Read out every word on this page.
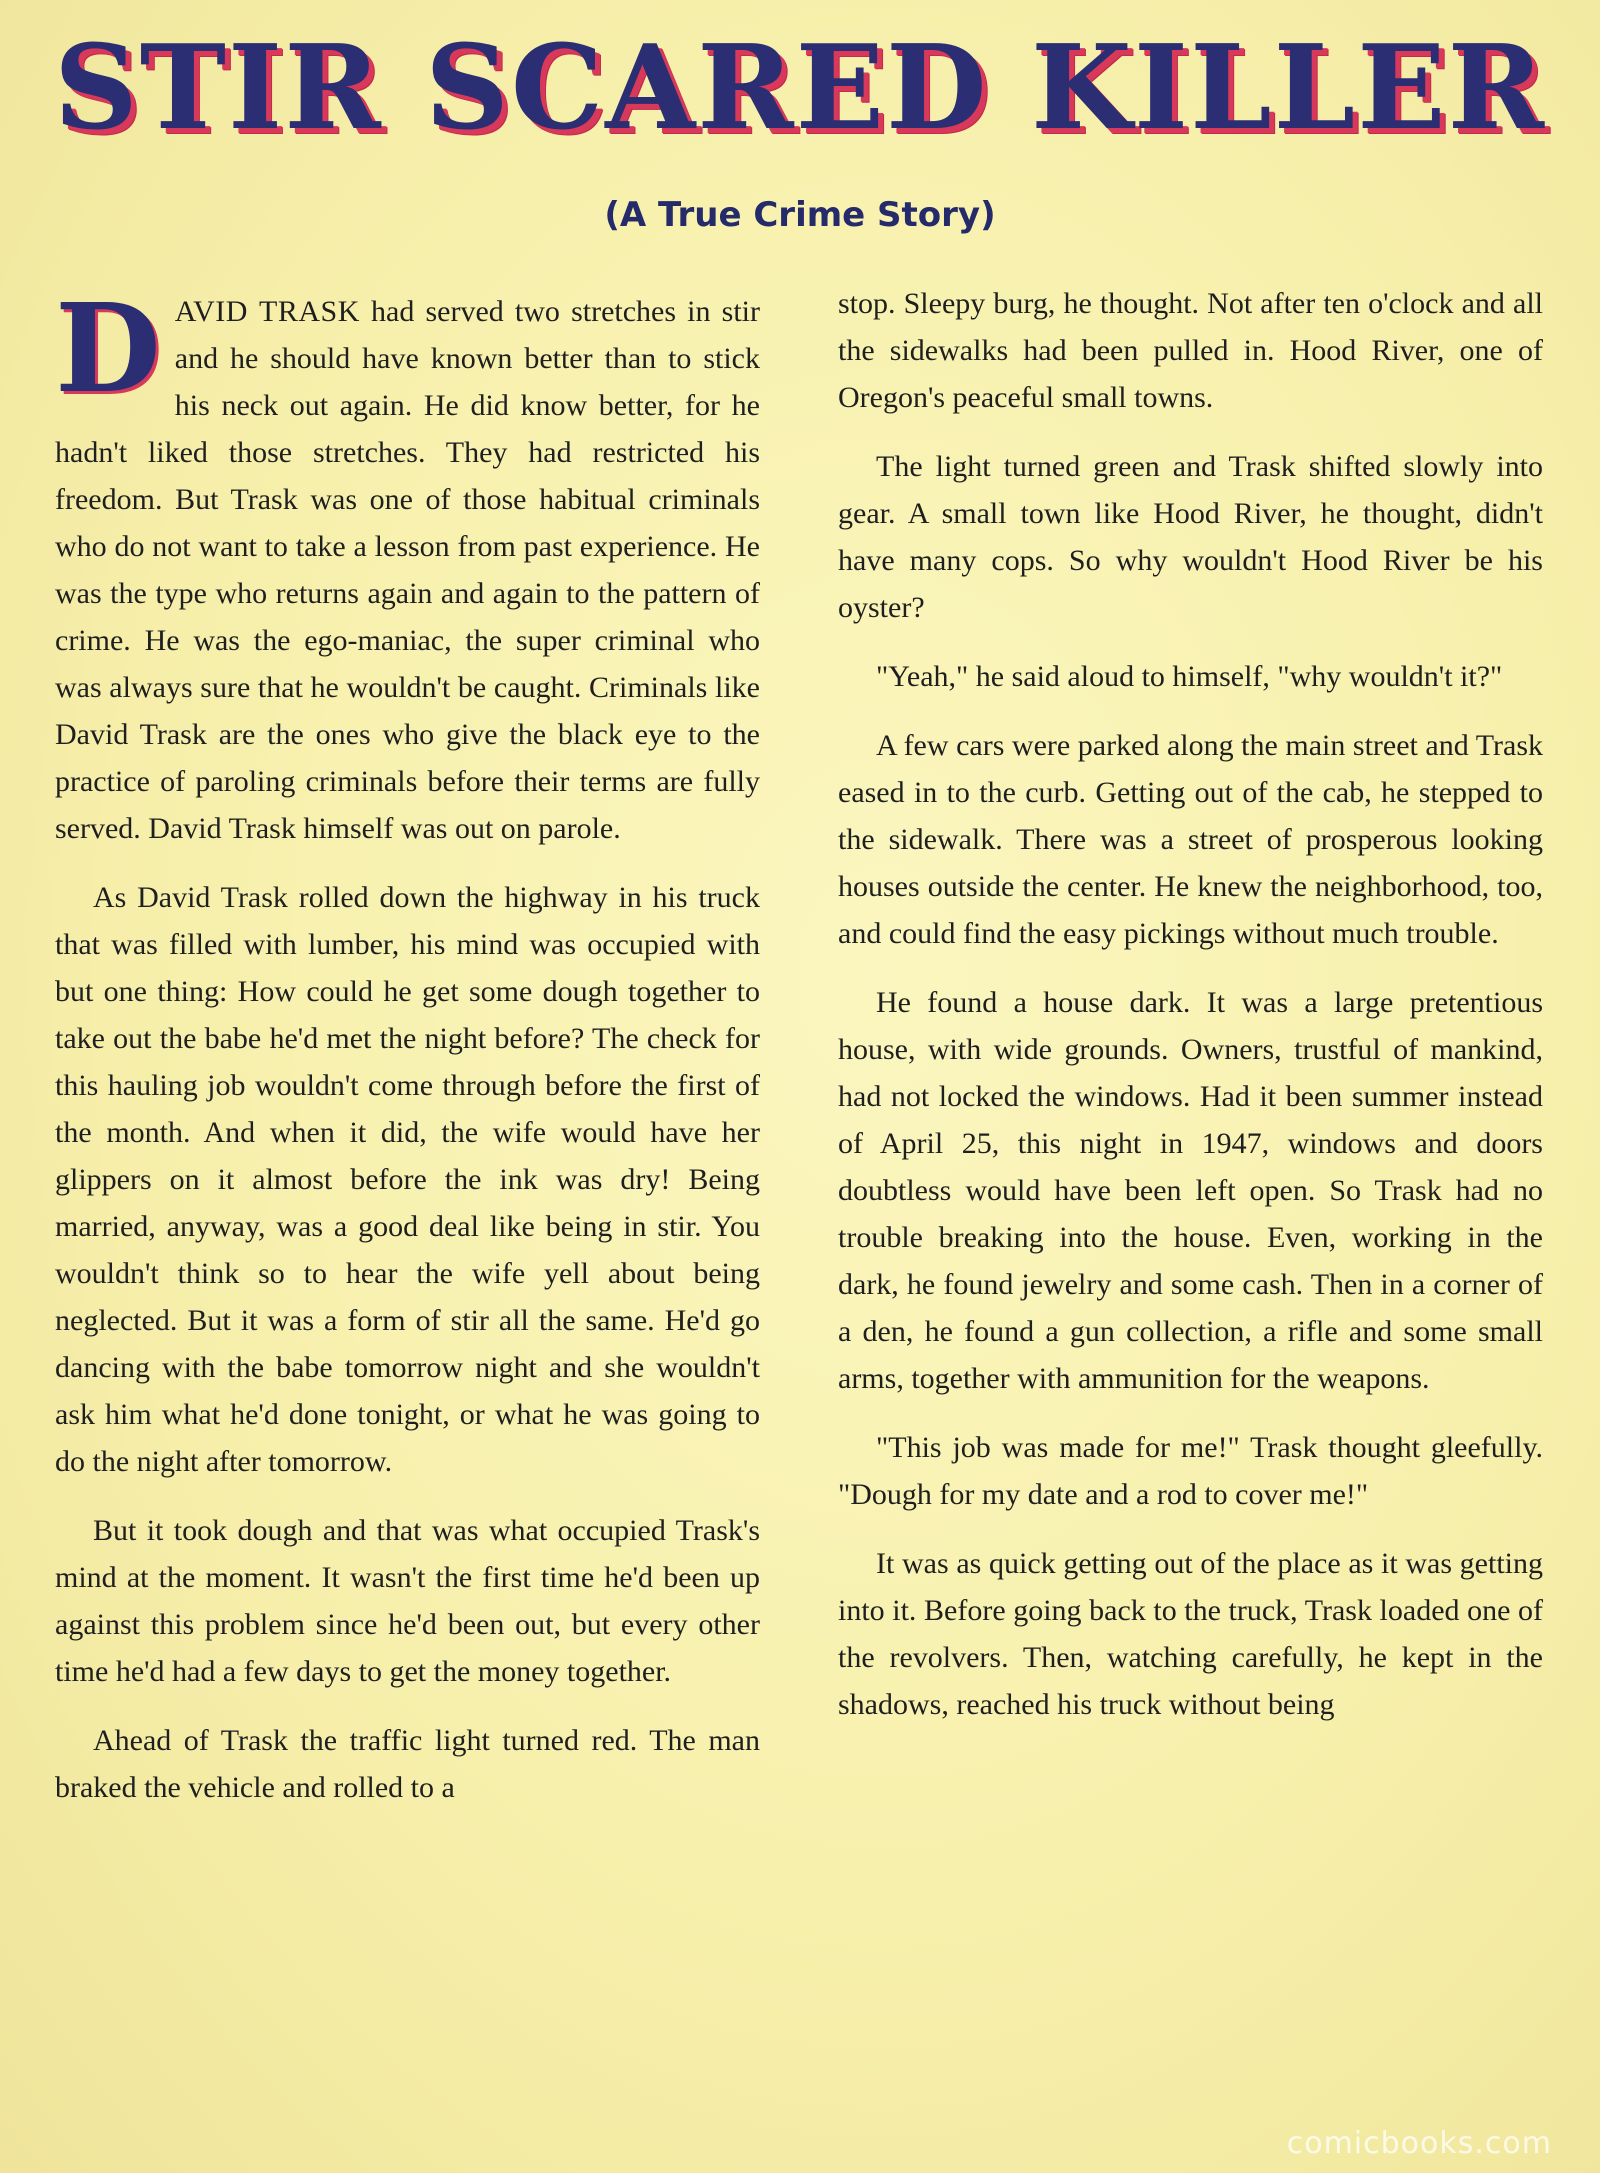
STIR SCARED KILLER
(A True Crime Story)

DAVID TRASK had served two stretches in stir and he should have known better than to stick his neck out again. He did know better, for he hadn't liked those stretches. They had restricted his freedom. But Trask was one of those habitual criminals who do not want to take a lesson from past experience. He was the type who returns again and again to the pattern of crime. He was the ego-maniac, the super criminal who was always sure that he wouldn't be caught. Criminals like David Trask are the ones who give the black eye to the practice of paroling criminals before their terms are fully served. David Trask himself was out on parole.

As David Trask rolled down the highway in his truck that was filled with lumber, his mind was occupied with but one thing: How could he get some dough together to take out the babe he'd met the night before? The check for this hauling job wouldn't come through before the first of the month. And when it did, the wife would have her glippers on it almost before the ink was dry! Being married, anyway, was a good deal like being in stir. You wouldn't think so to hear the wife yell about being neglected. But it was a form of stir all the same. He'd go dancing with the babe tomorrow night and she wouldn't ask him what he'd done tonight, or what he was going to do the night after tomorrow.

But it took dough and that was what occupied Trask's mind at the moment. It wasn't the first time he'd been up against this problem since he'd been out, but every other time he'd had a few days to get the money together.

Ahead of Trask the traffic light turned red. The man braked the vehicle and rolled to a

stop. Sleepy burg, he thought. Not after ten o'clock and all the sidewalks had been pulled in. Hood River, one of Oregon's peaceful small towns.

The light turned green and Trask shifted slowly into gear. A small town like Hood River, he thought, didn't have many cops. So why wouldn't Hood River be his oyster?

"Yeah," he said aloud to himself, "why wouldn't it?"

A few cars were parked along the main street and Trask eased in to the curb. Getting out of the cab, he stepped to the sidewalk. There was a street of prosperous looking houses outside the center. He knew the neighborhood, too, and could find the easy pickings without much trouble.

He found a house dark. It was a large pretentious house, with wide grounds. Owners, trustful of mankind, had not locked the windows. Had it been summer instead of April 25, this night in 1947, windows and doors doubtless would have been left open. So Trask had no trouble breaking into the house. Even, working in the dark, he found jewelry and some cash. Then in a corner of a den, he found a gun collection, a rifle and some small arms, together with ammunition for the weapons.

"This job was made for me!" Trask thought gleefully. "Dough for my date and a rod to cover me!"

It was as quick getting out of the place as it was getting into it. Before going back to the truck, Trask loaded one of the revolvers. Then, watching carefully, he kept in the shadows, reached his truck without being

comicbooks.com
